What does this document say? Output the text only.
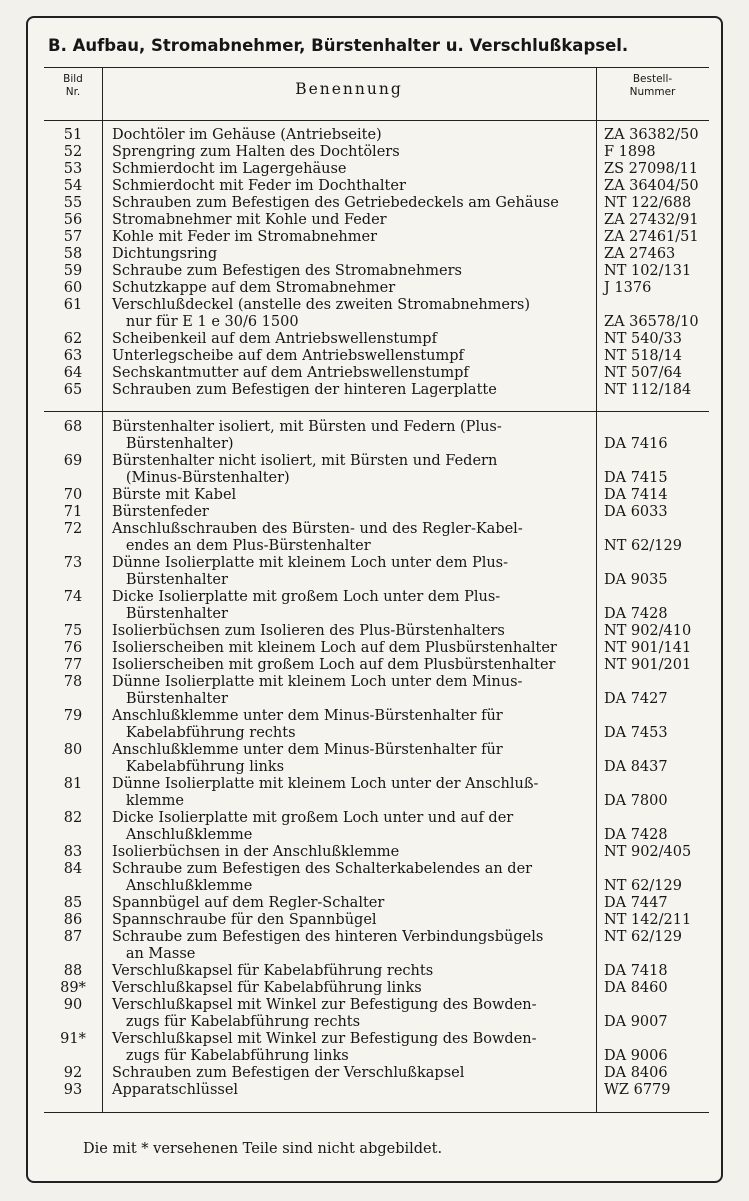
B. Aufbau, Stromabnehmer, Bürstenhalter u. Verschlußkapsel.
Bild
Nr.	Benennung
Bestell-
Nummer
51	Dochtöler im Gehäuse (Antriebseite)	ZA 36382/50
52	Sprengring zum Halten des Dochtölers	F 1898
53	Schmierdocht im Lagergehäuse	ZS 27098/11
54	Schmierdocht mit Feder im Dochthalter	ZA 36404/50
55	Schrauben zum Befestigen des Getriebedeckels am Gehäuse	NT 122/688
56	Stromabnehmer mit Kohle und Feder	ZA 27432/91
57	Kohle mit Feder im Stromabnehmer	ZA 27461/51
58	Dichtungsring	ZA 27463
59	Schraube zum Befestigen des Stromabnehmers	NT 102/131
60	Schutzkappe auf dem Stromabnehmer	J 1376
61	Verschlußdeckel (anstelle des zweiten Stromabnehmers)
nur für E 1 e 30/6 1500	ZA 36578/10
62	Scheibenkeil auf dem Antriebswellenstumpf	NT 540/33
63	Unterlegscheibe auf dem Antriebswellenstumpf	NT 518/14
64	Sechskantmutter auf dem Antriebswellenstumpf	NT 507/64
65	Schrauben zum Befestigen der hinteren Lagerplatte	NT 112/184
68	Bürstenhalter isoliert, mit Bürsten und Federn (Plus-
Bürstenhalter)	DA 7416
69	Bürstenhalter nicht isoliert, mit Bürsten und Federn
(Minus-Bürstenhalter)	DA 7415
70	Bürste mit Kabel	DA 7414
71	Bürstenfeder	DA 6033
72	Anschlußschrauben des Bürsten- und des Regler-Kabel-
endes an dem Plus-Bürstenhalter	NT 62/129
73	Dünne Isolierplatte mit kleinem Loch unter dem Plus-
Bürstenhalter	DA 9035
74	Dicke Isolierplatte mit großem Loch unter dem Plus-
Bürstenhalter	DA 7428
75	Isolierbüchsen zum Isolieren des Plus-Bürstenhalters	NT 902/410
76	Isolierscheiben mit kleinem Loch auf dem Plusbürstenhalter	NT 901/141
77	Isolierscheiben mit großem Loch auf dem Plusbürstenhalter	NT 901/201
78	Dünne Isolierplatte mit kleinem Loch unter dem Minus-
Bürstenhalter	DA 7427
79	Anschlußklemme unter dem Minus-Bürstenhalter für
Kabelabführung rechts	DA 7453
80	Anschlußklemme unter dem Minus-Bürstenhalter für
Kabelabführung links	DA 8437
81	Dünne Isolierplatte mit kleinem Loch unter der Anschluß-
klemme	DA 7800
82	Dicke Isolierplatte mit großem Loch unter und auf der
Anschlußklemme	DA 7428
83	Isolierbüchsen in der Anschlußklemme	NT 902/405
84	Schraube zum Befestigen des Schalterkabelendes an der
Anschlußklemme	NT 62/129
85	Spannbügel auf dem Regler-Schalter	DA 7447
86	Spannschraube für den Spannbügel	NT 142/211
87	Schraube zum Befestigen des hinteren Verbindungsbügels	NT 62/129
an Masse
88	Verschlußkapsel für Kabelabführung rechts	DA 7418
89*	Verschlußkapsel für Kabelabführung links	DA 8460
90	Verschlußkapsel mit Winkel zur Befestigung des Bowden-
zugs für Kabelabführung rechts	DA 9007
91*	Verschlußkapsel mit Winkel zur Befestigung des Bowden-
zugs für Kabelabführung links	DA 9006
92	Schrauben zum Befestigen der Verschlußkapsel	DA 8406
93	Apparatschlüssel	WZ 6779
Die mit * versehenen Teile sind nicht abgebildet.
